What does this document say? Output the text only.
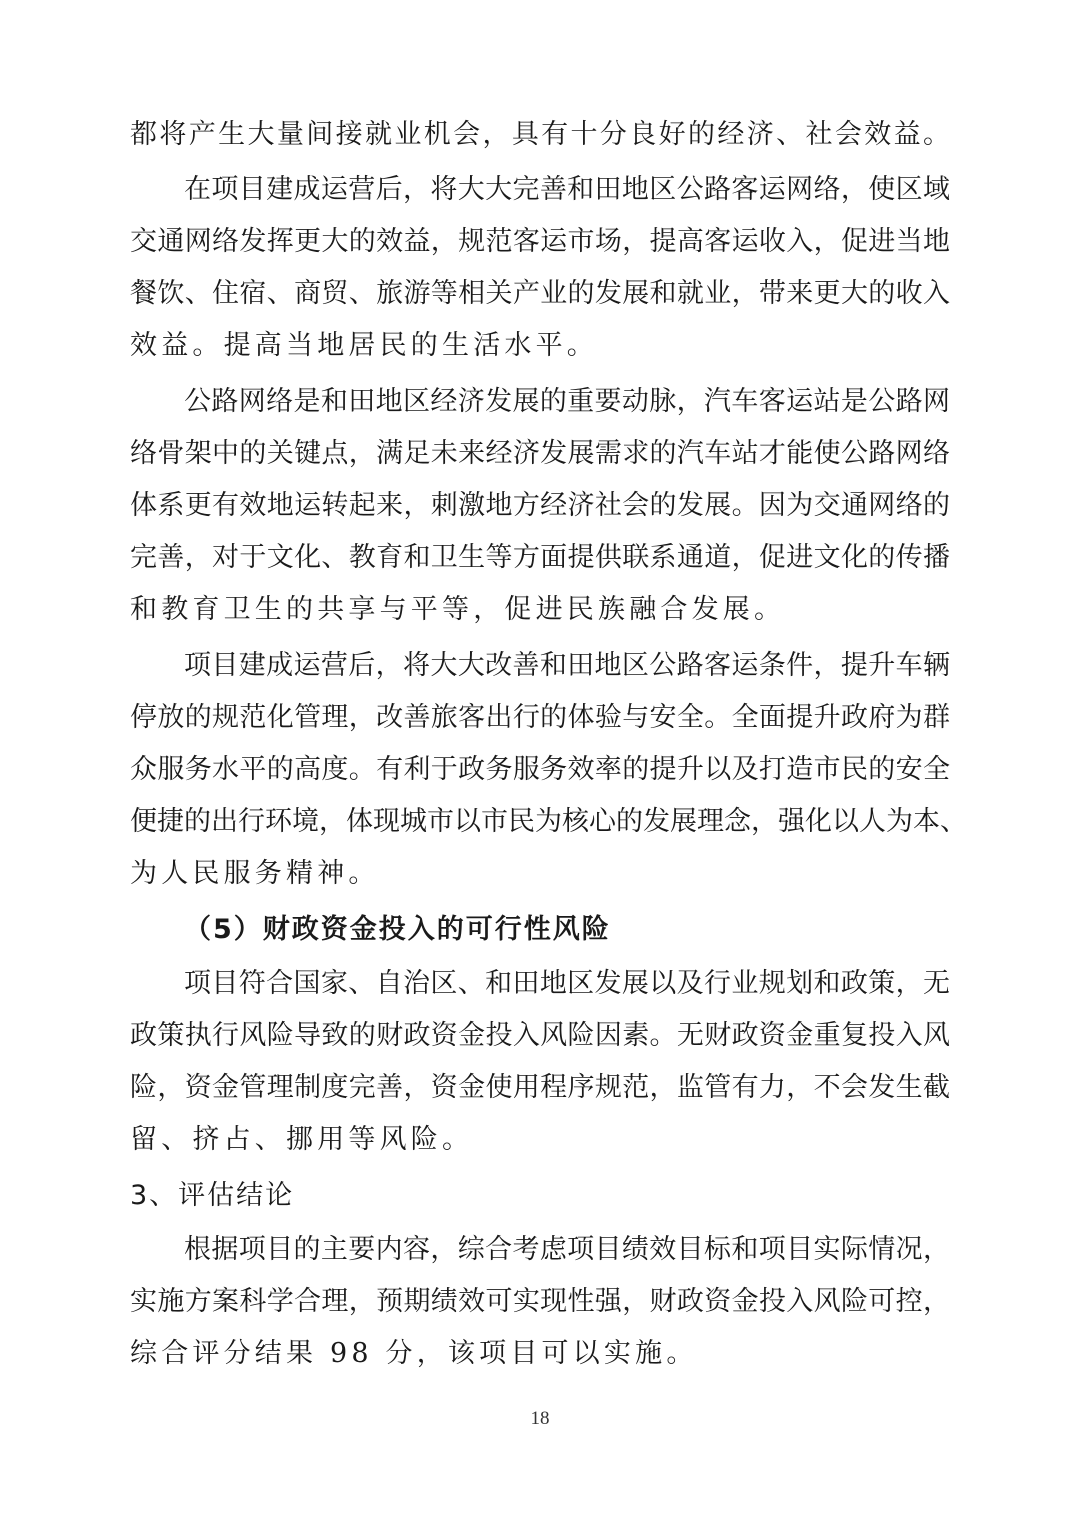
都将产生大量间接就业机会，具有十分良好的经济、社会效益。
在项目建成运营后，将大大完善和田地区公路客运网络，使区域
交通网络发挥更大的效益，规范客运市场，提高客运收入，促进当地
餐饮、住宿、商贸、旅游等相关产业的发展和就业，带来更大的收入
效益。提高当地居民的生活水平。
公路网络是和田地区经济发展的重要动脉，汽车客运站是公路网
络骨架中的关键点，满足未来经济发展需求的汽车站才能使公路网络
体系更有效地运转起来，刺激地方经济社会的发展。因为交通网络的
完善，对于文化、教育和卫生等方面提供联系通道，促进文化的传播
和教育卫生的共享与平等，促进民族融合发展。
项目建成运营后，将大大改善和田地区公路客运条件，提升车辆
停放的规范化管理，改善旅客出行的体验与安全。全面提升政府为群
众服务水平的高度。有利于政务服务效率的提升以及打造市民的安全
便捷的出行环境，体现城市以市民为核心的发展理念，强化以人为本、
为人民服务精神。
（5）财政资金投入的可行性风险
项目符合国家、自治区、和田地区发展以及行业规划和政策，无
政策执行风险导致的财政资金投入风险因素。无财政资金重复投入风
险，资金管理制度完善，资金使用程序规范，监管有力，不会发生截
留、挤占、挪用等风险。
3、评估结论
根据项目的主要内容，综合考虑项目绩效目标和项目实际情况，
实施方案科学合理，预期绩效可实现性强，财政资金投入风险可控，
综合评分结果 98 分，该项目可以实施。
18
